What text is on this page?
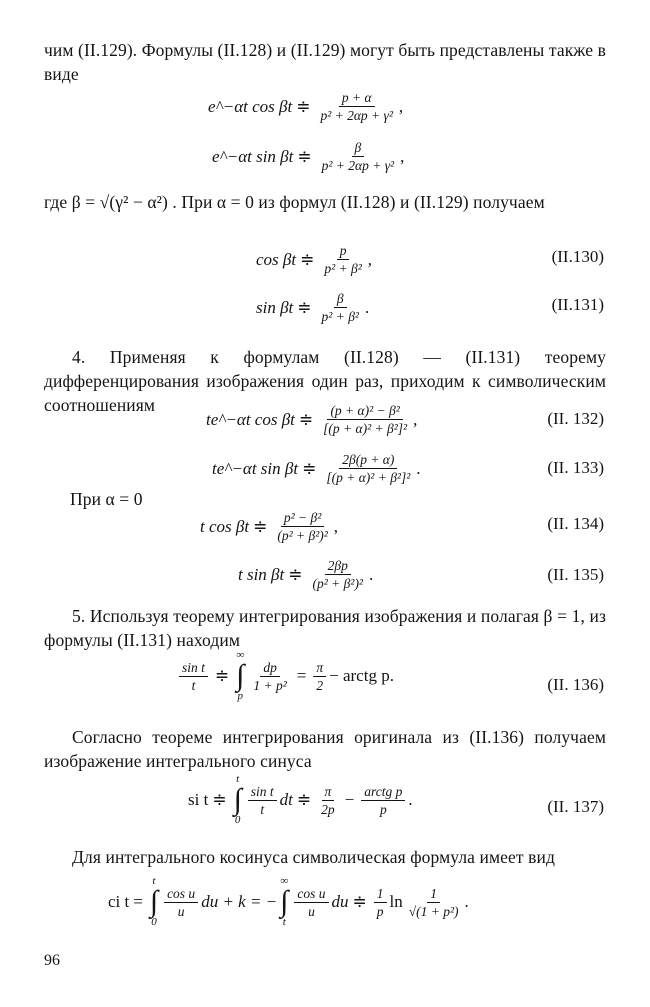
чим (II.129). Формулы (II.128) и (II.129) могут быть представлены также в виде
e^−αt cos βt ≑ $\frac{p + \alpha}{\text{p² + 2αp + γ²}}$ ,
e^−αt sin βt ≑ $\frac{\beta}{\text{p² + 2αp + γ²}}$ ,
где β = √(γ² − α²) . При α = 0 из формул (II.128) и (II.129) получаем
cos βt ≑ $\frac{p}{\text{p² + β²}}$ ,	(II.130)
sin βt ≑ $\frac{\beta}{\text{p² + β²}}$ .	(II.131)
4. Применяя к формулам (II.128) — (II.131) теорему дифференцирования изображения один раз, приходим к символическим соотношениям
te^−αt cos βt ≑ $\frac{\text{(p + α)² − β²}}{\text{[(p + α)² + β²]²}}$ ,	(II. 132)
te^−αt sin βt ≑ $\frac{2\beta(p + \alpha)}{\text{[(p + α)² + β²]²}}$ .	(II. 133)
При α = 0
t cos βt ≑ $\frac{\text{p² − β²}}{\text{(p² + β²)²}}$ ,	(II. 134)
t sin βt ≑ $\frac{2\beta p}{\text{(p² + β²)²}}$ .	(II. 135)
5. Используя теорему интегрирования изображения и полагая β = 1, из формулы (II.131) находим
$\frac{\text{sin t}}{t}$ ≑
∞
∫
p
$\frac{dp}{\text{1 + p²}} = \frac{\pi}{2}$ − arctg p.	(II. 136)
Согласно теореме интегрирования оригинала из (II.136) получаем изображение интегрального синуса
si t ≑
t
∫
0
$\frac{\text{sin t}}{t}$ dt ≑ $\frac{\pi}{2p} - \frac{\text{arctg p}}{p}$ .	(II. 137)
Для интегрального косинуса символическая формула имеет вид
ci t =
t
∫
0
$\frac{\text{cos u}}{u}$ du + k = −
∞
∫
t
$\frac{\text{cos u}}{u}$ du ≑ $\frac{1}{p}$ $\ln \frac{1}{\text{√(1 + p²)}}$ .
96
